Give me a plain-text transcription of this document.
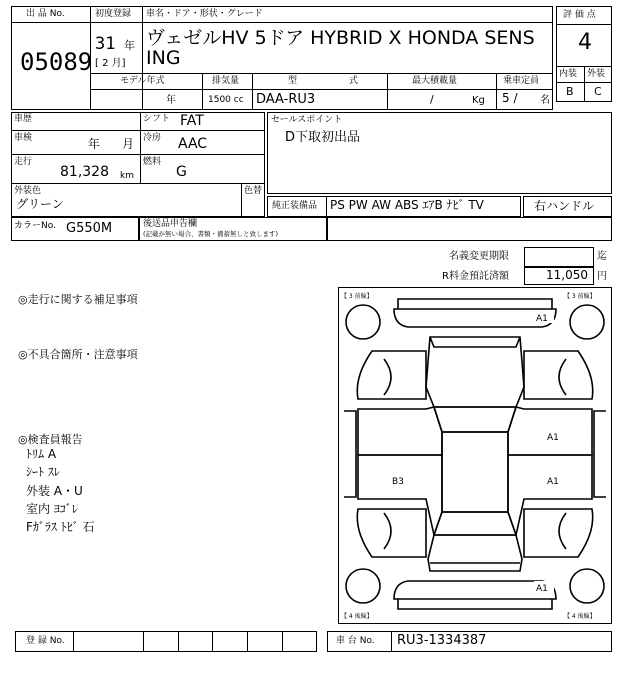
出 品 No.
05089
初度登録
31 年
[ 2 月]
車名・ドア・形状・グレード
ヴェゼルHV 5ドア HYBRID X HONDA SENS
ING
モデル年式
年
排気量
1500 cc
型	式
DAA-RU3
最大積載量
/	Kg
乗車定員
5 / 名
評 価 点
4
内装 外装
B C
車歴	シフト FAT
車検	年 月 冷房 AAC
走行
81,328 km
燃料
G
外装色
グリーン
色替
セールスポイント
D下取初出品
純正装備品 PS PW AW ABS ｴｱB ﾅﾋﾞ TV	右ハンドル
カラーNo. G550M	後送品申告欄
(記載が無い場合、書類・備蓄無しと致します)
名義変更期限	迄
R料金預託済額	11,050 円
◎走行に関する補足事項
◎不具合箇所・注意事項
◎検査員報告
ﾄﾘﾑ A
ｼｰﾄ ｽﾚ
外装 A・U
室内 ﾖｺﾞﾚ
Fｶﾞﾗｽ ﾄﾋﾞ 石
【 3 前輪】	【 3 前輪】
【 4 後輪】	【 4 後輪】
A1
A1
A1
B3
A1
登 録 No.	車 台 No. RU3-1334387
